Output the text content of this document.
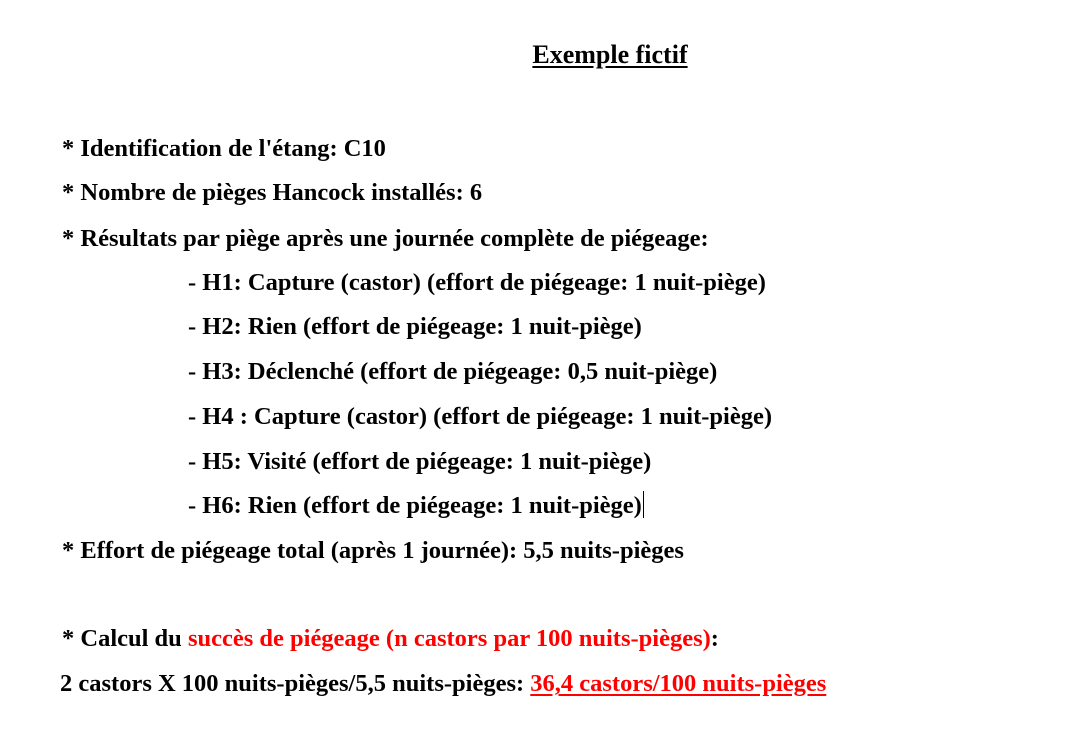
Exemple fictif
* Identification de l'étang: C10
* Nombre de pièges Hancock installés: 6
* Résultats par piège après une journée complète de piégeage:
- H1: Capture (castor) (effort de piégeage: 1 nuit-piège)
- H2: Rien (effort de piégeage: 1 nuit-piège)
- H3: Déclenché (effort de piégeage: 0,5 nuit-piège)
- H4 : Capture (castor) (effort de piégeage: 1 nuit-piège)
- H5: Visité (effort de piégeage: 1 nuit-piège)
- H6: Rien (effort de piégeage: 1 nuit-piège)
* Effort de piégeage total (après 1 journée): 5,5 nuits-pièges
* Calcul du succès de piégeage (n castors par 100 nuits-pièges):
2 castors X 100 nuits-pièges/5,5 nuits-pièges: 36,4 castors/100 nuits-pièges
